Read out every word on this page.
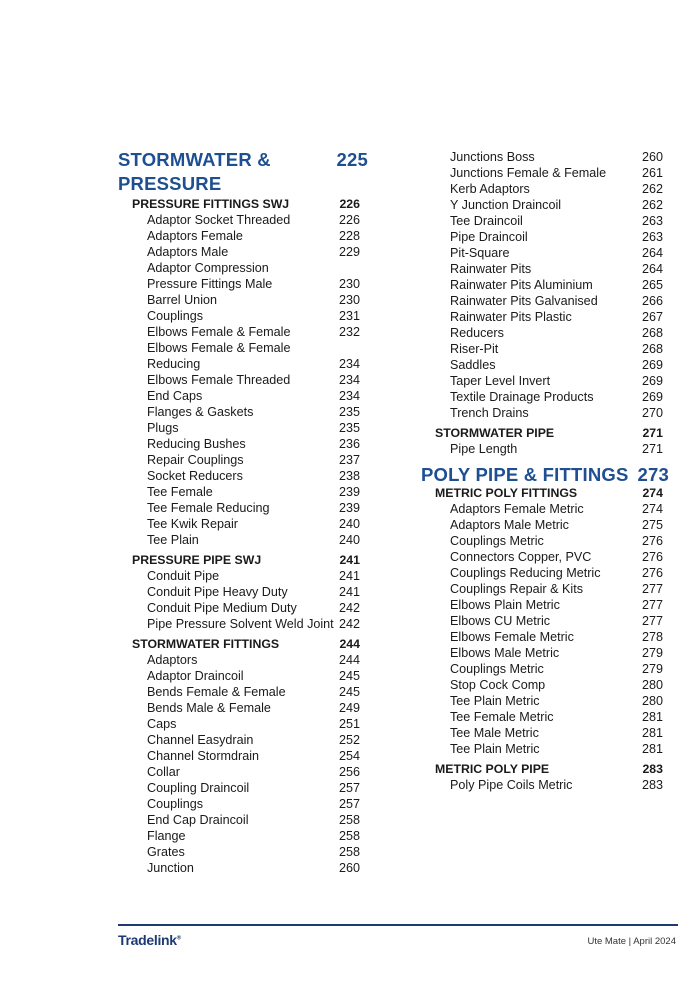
STORMWATER &
PRESSURE
225
PRESSURE FITTINGS SWJ	226
Adaptor Socket Threaded	226
Adaptors Female	228
Adaptors Male	229
Adaptor Compression
Pressure Fittings Male	230
Barrel Union	230
Couplings	231
Elbows Female & Female	232
Elbows Female & Female
Reducing	234
Elbows Female Threaded	234
End Caps	234
Flanges & Gaskets	235
Plugs	235
Reducing Bushes	236
Repair Couplings	237
Socket Reducers	238
Tee Female	239
Tee Female Reducing	239
Tee Kwik Repair	240
Tee Plain	240
PRESSURE PIPE SWJ	241
Conduit Pipe	241
Conduit Pipe Heavy Duty	241
Conduit Pipe Medium Duty	242
Pipe Pressure Solvent Weld Joint 242
STORMWATER FITTINGS	244
Adaptors	244
Adaptor Draincoil	245
Bends Female & Female	245
Bends Male & Female	249
Caps	251
Channel Easydrain	252
Channel Stormdrain	254
Collar	256
Coupling Draincoil	257
Couplings	257
End Cap Draincoil	258
Flange	258
Grates	258
Junction	260
Junctions Boss	260
Junctions Female & Female	261
Kerb Adaptors	262
Y Junction Draincoil	262
Tee Draincoil	263
Pipe Draincoil	263
Pit-Square	264
Rainwater Pits	264
Rainwater Pits Aluminium	265
Rainwater Pits Galvanised	266
Rainwater Pits Plastic	267
Reducers	268
Riser-Pit	268
Saddles	269
Taper Level Invert	269
Textile Drainage Products	269
Trench Drains	270
STORMWATER PIPE	271
Pipe Length	271
POLY PIPE & FITTINGS 273
METRIC POLY FITTINGS	274
Adaptors Female Metric	274
Adaptors Male Metric	275
Couplings Metric	276
Connectors Copper, PVC	276
Couplings Reducing Metric	276
Couplings Repair & Kits	277
Elbows Plain Metric	277
Elbows CU Metric	277
Elbows Female Metric	278
Elbows Male Metric	279
Couplings Metric	279
Stop Cock Comp	280
Tee Plain Metric	280
Tee Female Metric	281
Tee Male Metric	281
Tee Plain Metric	281
METRIC POLY PIPE	283
Poly Pipe Coils Metric	283
Tradelink®	Ute Mate | April 2024
